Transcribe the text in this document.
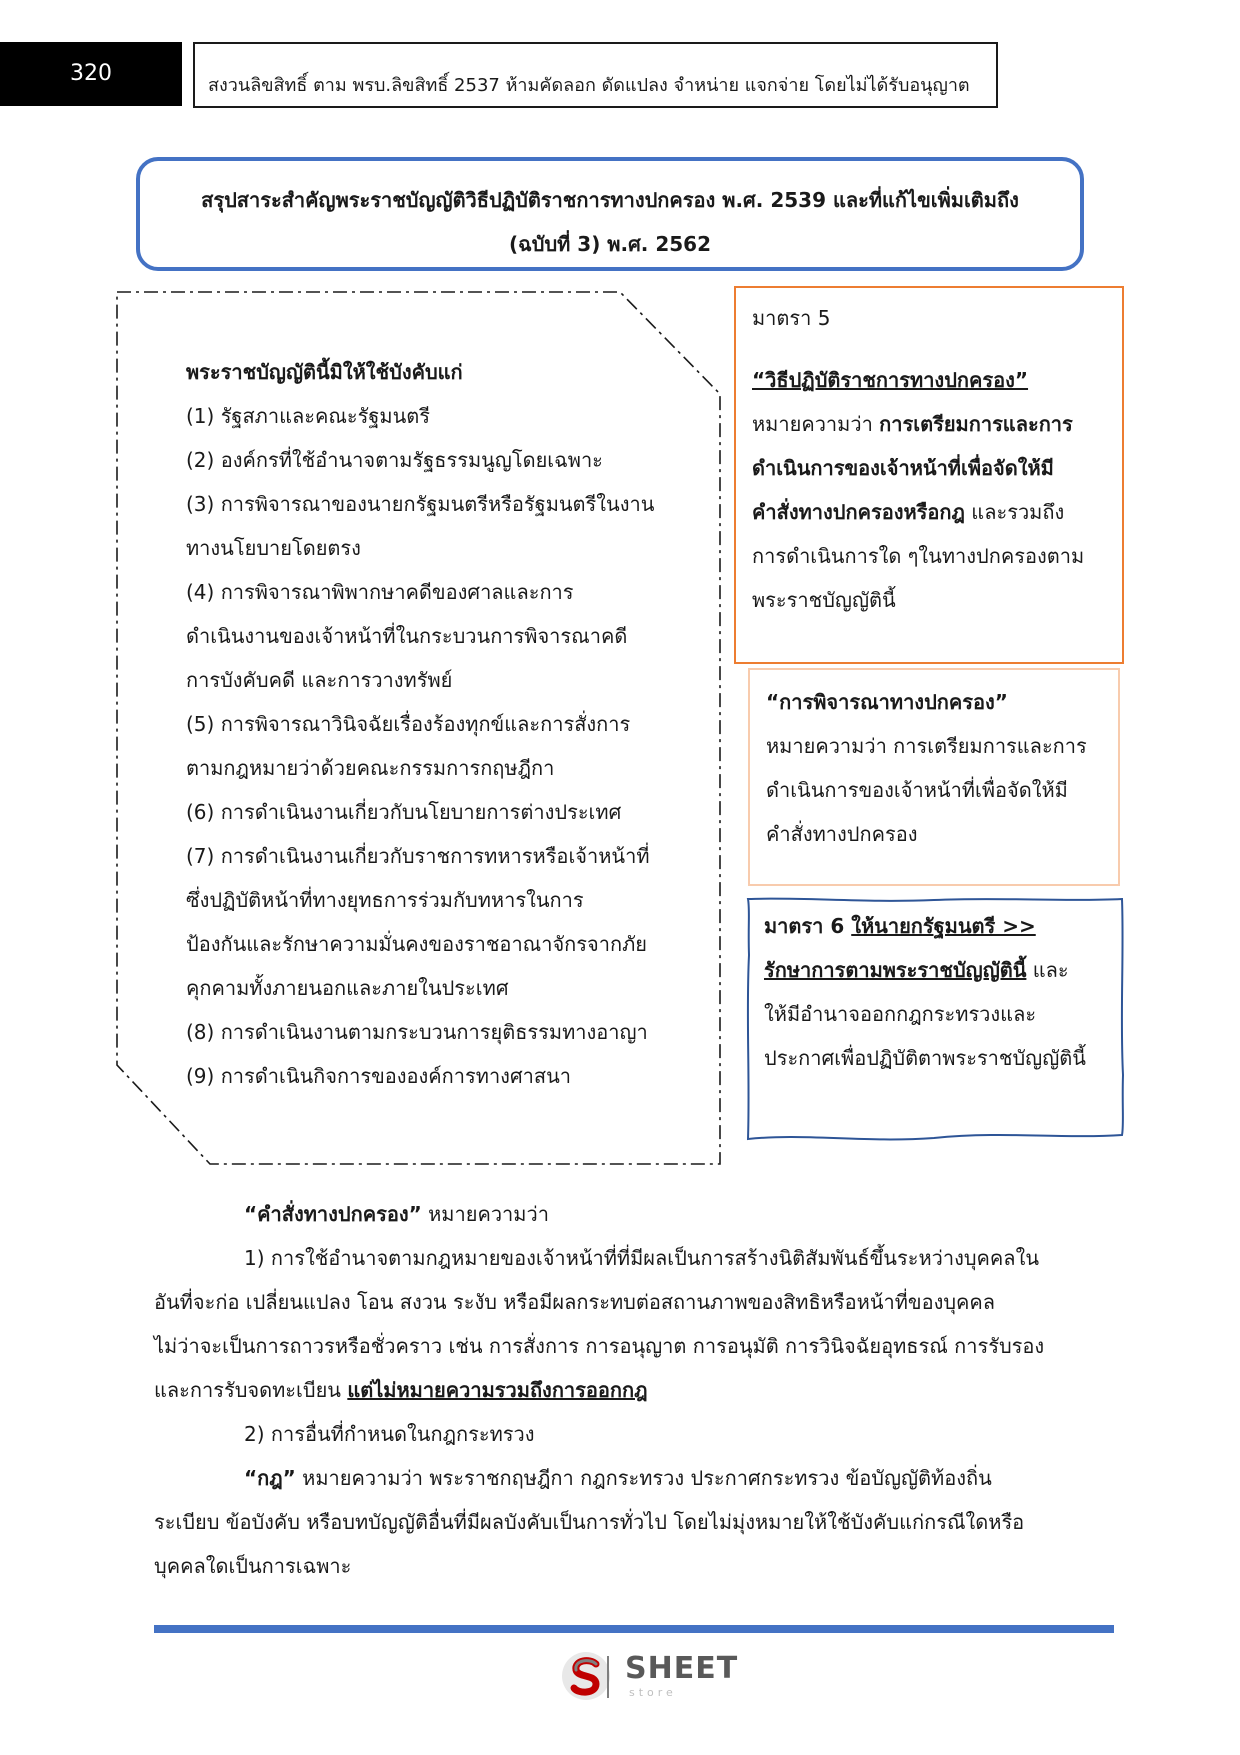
320	สงวนลิขสิทธิ์ ตาม พรบ.ลิขสิทธิ์ 2537 ห้ามคัดลอก ดัดแปลง จำหน่าย แจกจ่าย โดยไม่ได้รับอนุญาต
สรุปสาระสำคัญพระราชบัญญัติวิธีปฏิบัติราชการทางปกครอง พ.ศ. 2539 และที่แก้ไขเพิ่มเติมถึง
(ฉบับที่ 3) พ.ศ. 2562
พระราชบัญญัตินี้มิให้ใช้บังคับแก่
(1) รัฐสภาและคณะรัฐมนตรี
(2) องค์กรที่ใช้อำนาจตามรัฐธรรมนูญโดยเฉพาะ
(3) การพิจารณาของนายกรัฐมนตรีหรือรัฐมนตรีในงาน
ทางนโยบายโดยตรง
(4) การพิจารณาพิพากษาคดีของศาลและการ
ดำเนินงานของเจ้าหน้าที่ในกระบวนการพิจารณาคดี
การบังคับคดี และการวางทรัพย์
(5) การพิจารณาวินิจฉัยเรื่องร้องทุกข์และการสั่งการ
ตามกฎหมายว่าด้วยคณะกรรมการกฤษฎีกา
(6) การดำเนินงานเกี่ยวกับนโยบายการต่างประเทศ
(7) การดำเนินงานเกี่ยวกับราชการทหารหรือเจ้าหน้าที่
ซึ่งปฏิบัติหน้าที่ทางยุทธการร่วมกับทหารในการ
ป้องกันและรักษาความมั่นคงของราชอาณาจักรจากภัย
คุกคามทั้งภายนอกและภายในประเทศ
(8) การดำเนินงานตามกระบวนการยุติธรรมทางอาญา
(9) การดำเนินกิจการขององค์การทางศาสนา
มาตรา 5
“วิธีปฏิบัติราชการทางปกครอง”
หมายความว่า การเตรียมการและการ
ดำเนินการของเจ้าหน้าที่เพื่อจัดให้มี
คำสั่งทางปกครองหรือกฎ และรวมถึง
การดำเนินการใด ๆในทางปกครองตาม
พระราชบัญญัตินี้
“การพิจารณาทางปกครอง”
หมายความว่า การเตรียมการและการ
ดำเนินการของเจ้าหน้าที่เพื่อจัดให้มี
คำสั่งทางปกครอง
มาตรา 6 ให้นายกรัฐมนตรี >>
รักษาการตามพระราชบัญญัตินี้ และ
ให้มีอำนาจออกกฎกระทรวงและ
ประกาศเพื่อปฏิบัติตาพระราชบัญญัตินี้
“คำสั่งทางปกครอง” หมายความว่า
1) การใช้อำนาจตามกฎหมายของเจ้าหน้าที่ที่มีผลเป็นการสร้างนิติสัมพันธ์ขึ้นระหว่างบุคคลใน
อันที่จะก่อ เปลี่ยนแปลง โอน สงวน ระงับ หรือมีผลกระทบต่อสถานภาพของสิทธิหรือหน้าที่ของบุคคล
ไม่ว่าจะเป็นการถาวรหรือชั่วคราว เช่น การสั่งการ การอนุญาต การอนุมัติ การวินิจฉัยอุทธรณ์ การรับรอง
และการรับจดทะเบียน แต่ไม่หมายความรวมถึงการออกกฎ
2) การอื่นที่กำหนดในกฎกระทรวง
“กฎ” หมายความว่า พระราชกฤษฎีกา กฎกระทรวง ประกาศกระทรวง ข้อบัญญัติท้องถิ่น
ระเบียบ ข้อบังคับ หรือบทบัญญัติอื่นที่มีผลบังคับเป็นการทั่วไป โดยไม่มุ่งหมายให้ใช้บังคับแก่กรณีใดหรือ
บุคคลใดเป็นการเฉพาะ
SHEET
store
